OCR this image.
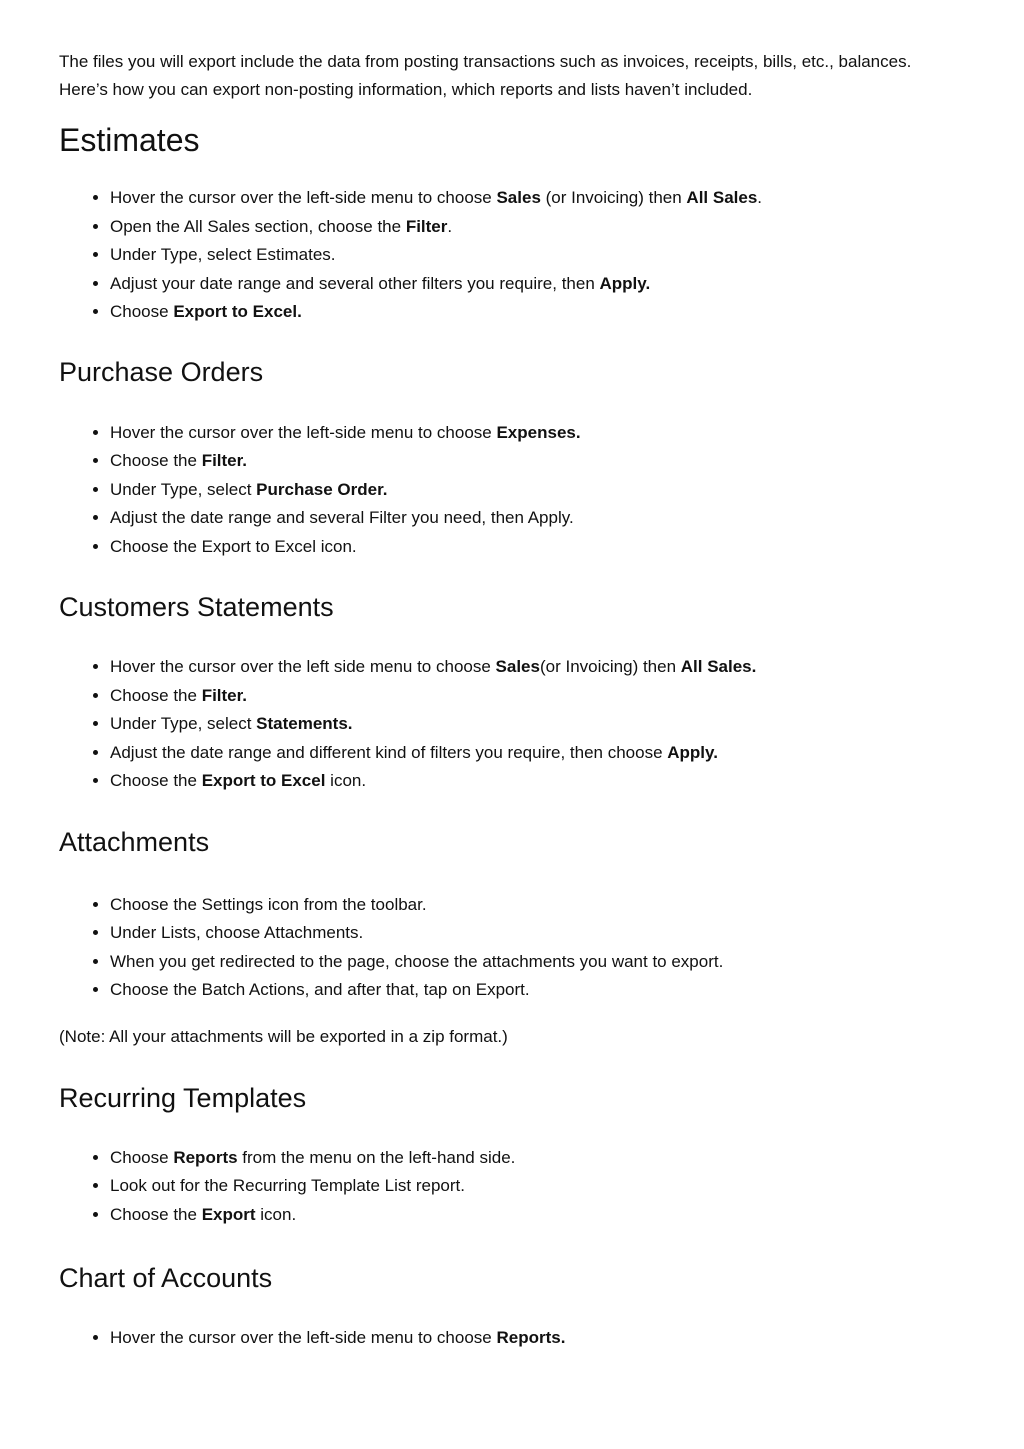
The files you will export include the data from posting transactions such as invoices, receipts, bills, etc., balances.
Here’s how you can export non-posting information, which reports and lists haven’t included.

Estimates
• Hover the cursor over the left-side menu to choose Sales (or Invoicing) then All Sales.
• Open the All Sales section, choose the Filter.
• Under Type, select Estimates.
• Adjust your date range and several other filters you require, then Apply.
• Choose Export to Excel.
Purchase Orders
• Hover the cursor over the left-side menu to choose Expenses.
• Choose the Filter.
• Under Type, select Purchase Order.
• Adjust the date range and several Filter you need, then Apply.
• Choose the Export to Excel icon.
Customers Statements
• Hover the cursor over the left side menu to choose Sales(or Invoicing) then All Sales.
• Choose the Filter.
• Under Type, select Statements.
• Adjust the date range and different kind of filters you require, then choose Apply.
• Choose the Export to Excel icon.
Attachments
• Choose the Settings icon from the toolbar.
• Under Lists, choose Attachments.
• When you get redirected to the page, choose the attachments you want to export.
• Choose the Batch Actions, and after that, tap on Export.

(Note: All your attachments will be exported in a zip format.)

Recurring Templates
• Choose Reports from the menu on the left-hand side.
• Look out for the Recurring Template List report.
• Choose the Export icon.
Chart of Accounts
• Hover the cursor over the left-side menu to choose Reports.
